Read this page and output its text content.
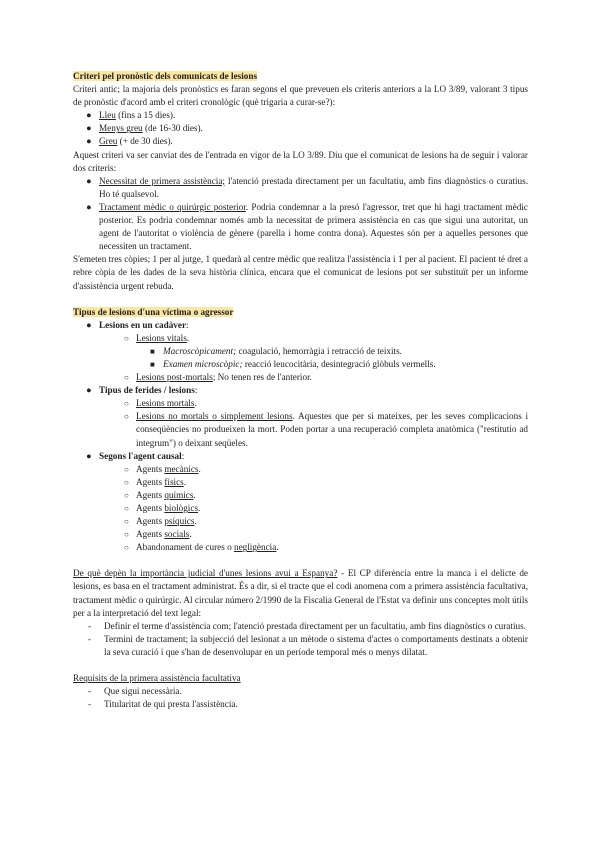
Criteri pel pronòstic dels comunicats de lesions

Criteri antic; la majoria dels pronòstics es faran segons el que preveuen els criteris anteriors a la LO 3/89, valorant 3 tipus de pronòstic d'acord amb el criteri cronològic (què trigaria a curar-se?):

● Lleu (fins a 15 dies).
● Menys greu (de 16-30 dies).
● Greu (+ de 30 dies).

Aquest criteri va ser canviat des de l'entrada en vigor de la LO 3/89. Diu que el comunicat de lesions ha de seguir i valorar dos criteris:

● Necessitat de primera assistència; l'atenció prestada directament per un facultatiu, amb fins diagnòstics o curatius. Ho té qualsevol.
● Tractament mèdic o quirúrgic posterior. Podria condemnar a la presó l'agressor, tret que hi hagi tractament mèdic posterior. Es podria condemnar només amb la necessitat de primera assistència en cas que sigui una autoritat, un agent de l'autoritat o violència de gènere (parella i home contra dona). Aquestes són per a aquelles persones que necessiten un tractament.

S'emeten tres còpies; 1 per al jutge, 1 quedarà al centre mèdic que realitza l'assistència i 1 per al pacient. El pacient té dret a rebre còpia de les dades de la seva història clínica, encara que el comunicat de lesions pot ser substituït per un informe d'assistència urgent rebuda.

Tipus de lesions d'una víctima o agressor

● Lesions en un cadàver:
○ Lesions vitals.
■ Macroscòpicament; coagulació, hemorràgia i retracció de teixits.
■ Examen microscòpic; reacció leucocitària, desintegració glòbuls vermells.
○ Lesions post-mortals; No tenen res de l'anterior.
● Tipus de ferides / lesions:
○ Lesions mortals.
○ Lesions no mortals o simplement lesions. Aquestes que per si mateixes, per les seves complicacions i conseqüències no produeixen la mort. Poden portar a una recuperació completa anatòmica ("restitutio ad integrum") o deixant seqüeles.
● Segons l'agent causal:
○ Agents mecànics.
○ Agents físics.
○ Agents químics.
○ Agents biològics.
○ Agents psíquics.
○ Agents socials.
○ Abandonament de cures o negligència.

De què depèn la importància judicial d'unes lesions avui a Espanya? - El CP diferència entre la manca i el delicte de lesions, es basa en el tractament administrat. És a dir, si el tracte que el codi anomena com a primera assistència facultativa, tractament mèdic o quirúrgic. Al circular número 2/1990 de la Fiscalia General de l'Estat va definir uns conceptes molt útils per a la interpretació del text legal:

- Definir el terme d'assistència com; l'atenció prestada directament per un facultatiu, amb fins diagnòstics o curatius.
- Termini de tractament; la subjecció del lesionat a un mètode o sistema d'actes o comportaments destinats a obtenir la seva curació i que s'han de desenvolupar en un període temporal més o menys dilatat.

Requisits de la primera assistència facultativa

- Que sigui necessària.
- Titularitat de qui presta l'assistència.
